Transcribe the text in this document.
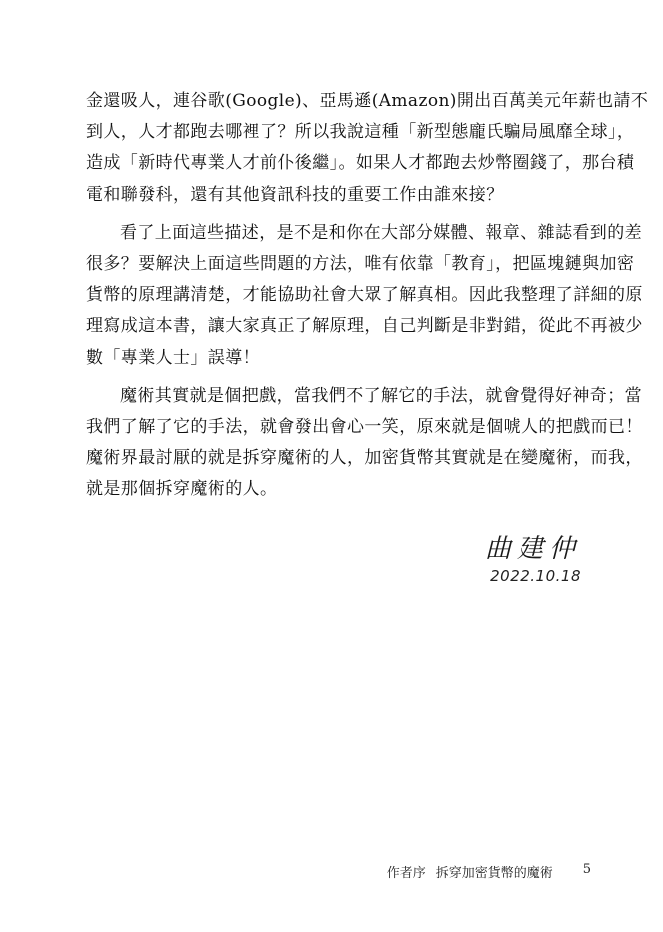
金還吸人，連谷歌(Google)、亞馬遜(Amazon)開出百萬美元年薪也請不
到人，人才都跑去哪裡了？所以我說這種「新型態龐氏騙局風靡全球」，
造成「新時代專業人才前仆後繼」。如果人才都跑去炒幣圈錢了，那台積
電和聯發科，還有其他資訊科技的重要工作由誰來接？

看了上面這些描述，是不是和你在大部分媒體、報章、雜誌看到的差
很多？要解決上面這些問題的方法，唯有依靠「教育」，把區塊鏈與加密
貨幣的原理講清楚，才能協助社會大眾了解真相。因此我整理了詳細的原
理寫成這本書，讓大家真正了解原理，自己判斷是非對錯，從此不再被少
數「專業人士」誤導！

魔術其實就是個把戲，當我們不了解它的手法，就會覺得好神奇；當
我們了解了它的手法，就會發出會心一笑，原來就是個唬人的把戲而已！
魔術界最討厭的就是拆穿魔術的人，加密貨幣其實就是在變魔術，而我，
就是那個拆穿魔術的人。

曲建仲
2022.10.18
作者序 拆穿加密貨幣的魔術 5
